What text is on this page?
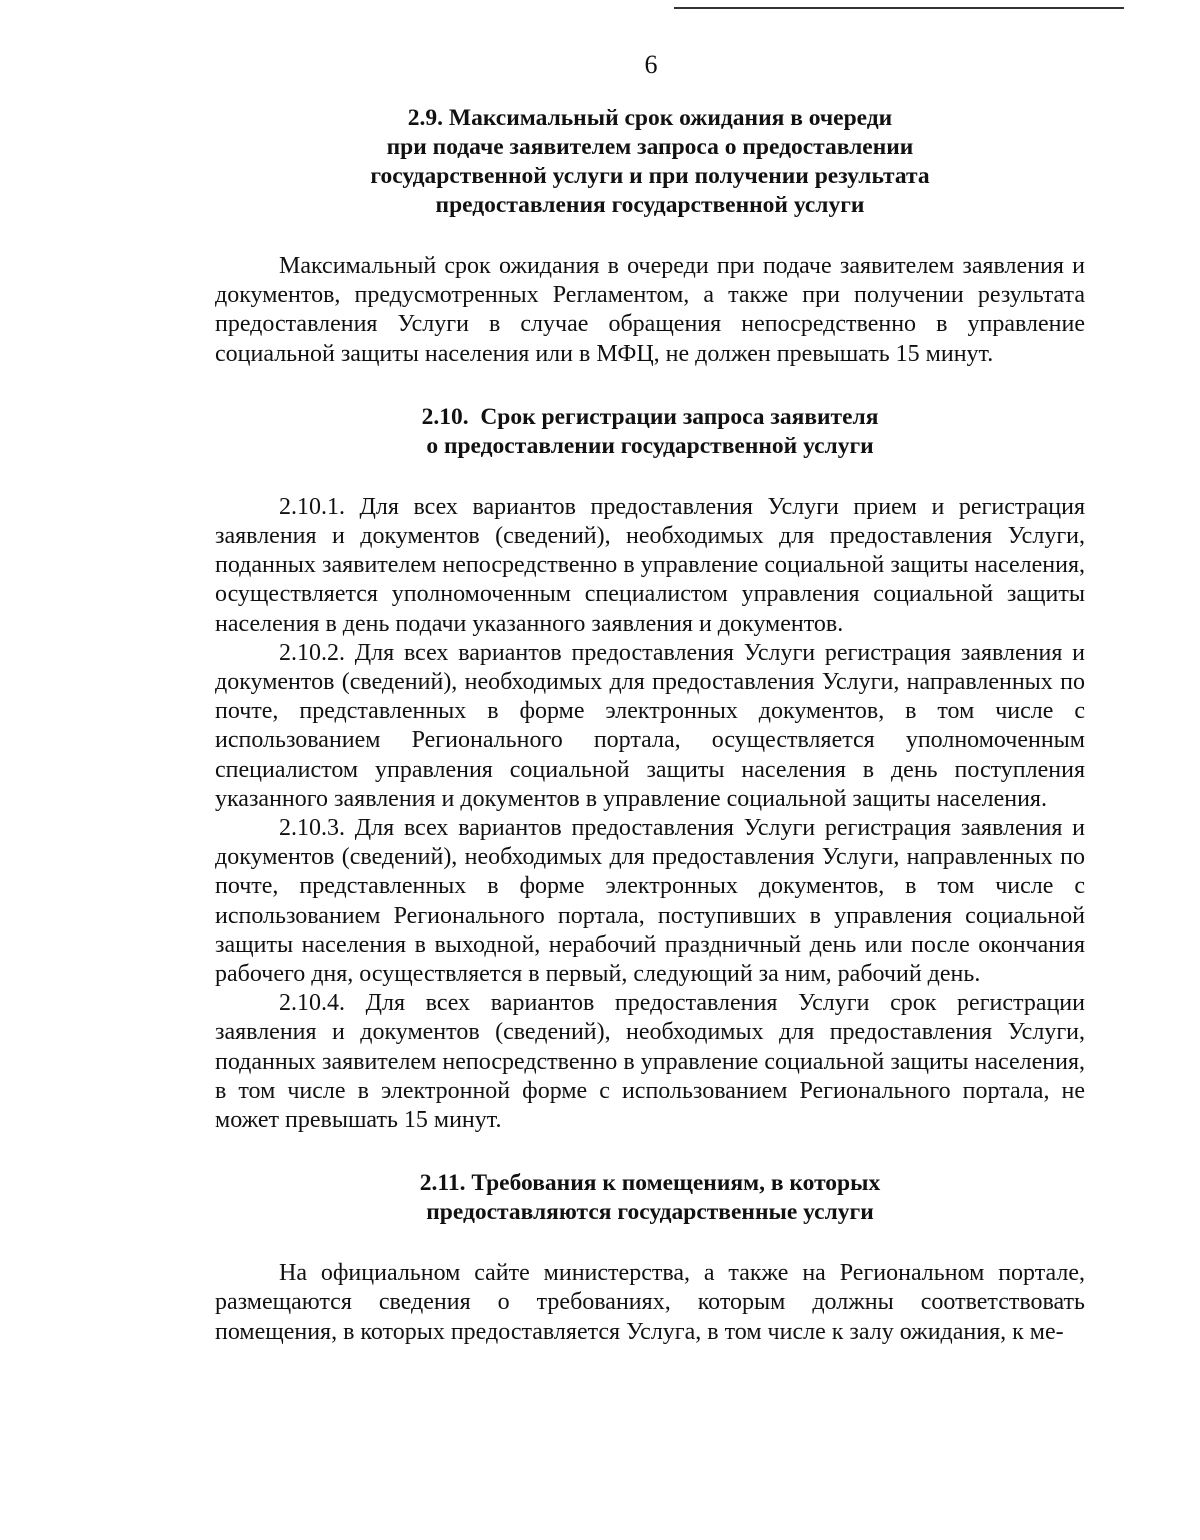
6
2.9. Максимальный срок ожидания в очереди
при подаче заявителем запроса о предоставлении
государственной услуги и при получении результата
предоставления государственной услуги

Максимальный срок ожидания в очереди при подаче заявителем заявления и документов, предусмотренных Регламентом, а также при получении результата предоставления Услуги в случае обращения непосредственно в управление социальной защиты населения или в МФЦ, не должен превышать 15 минут.

2.10.  Срок регистрации запроса заявителя
о предоставлении государственной услуги

2.10.1. Для всех вариантов предоставления Услуги прием и регистрация заявления и документов (сведений), необходимых для предоставления Услуги, поданных заявителем непосредственно в управление социальной защиты населения, осуществляется уполномоченным специалистом управления социальной защиты населения в день подачи указанного заявления и документов.

2.10.2. Для всех вариантов предоставления Услуги регистрация заявления и документов (сведений), необходимых для предоставления Услуги, направленных по почте, представленных в форме электронных документов, в том числе с использованием Регионального портала, осуществляется уполномоченным специалистом управления социальной защиты населения в день поступления указанного заявления и документов в управление социальной защиты населения.

2.10.3. Для всех вариантов предоставления Услуги регистрация заявления и документов (сведений), необходимых для предоставления Услуги, направленных по почте, представленных в форме электронных документов, в том числе с использованием Регионального портала, поступивших в управления социальной защиты населения в выходной, нерабочий праздничный день или после окончания рабочего дня, осуществляется в первый, следующий за ним, рабочий день.

2.10.4. Для всех вариантов предоставления Услуги срок регистрации заявления и документов (сведений), необходимых для предоставления Услуги, поданных заявителем непосредственно в управление социальной защиты населения, в том числе в электронной форме с использованием Регионального портала, не может превышать 15 минут.

2.11. Требования к помещениям, в которых
предоставляются государственные услуги

На официальном сайте министерства, а также на Региональном портале, размещаются сведения о требованиях, которым должны соответствовать помещения, в которых предоставляется Услуга, в том числе к залу ожидания, к ме-
